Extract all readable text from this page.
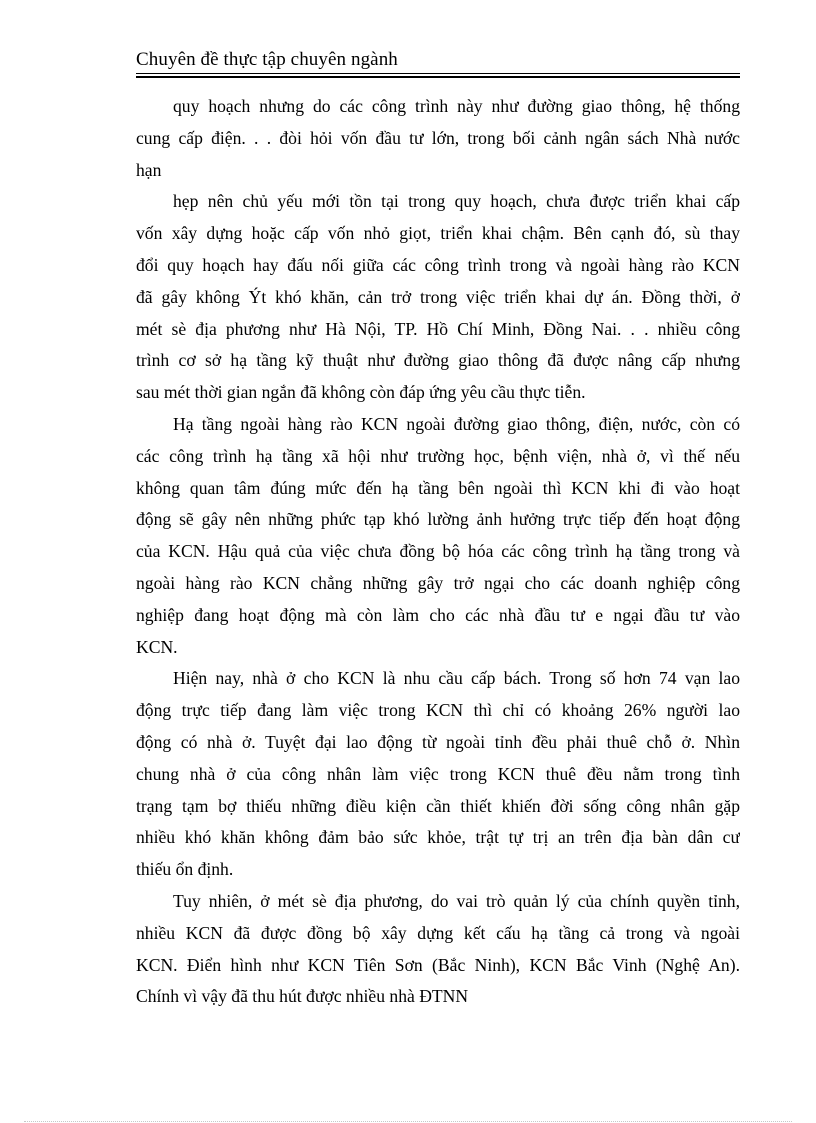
Chuyên đề thực tập chuyên ngành
quy hoạch nhưng do các công trình này như đường giao thông, hệ thống
cung cấp điện. . . đòi hỏi vốn đầu tư lớn, trong bối cảnh ngân sách Nhà nước
hạn
hẹp nên chủ yếu mới tồn tại trong quy hoạch, chưa được triển khai cấp
vốn xây dựng hoặc cấp vốn nhỏ giọt, triển khai chậm. Bên cạnh đó, sù thay
đổi quy hoạch hay đấu nối giữa các công trình trong và ngoài hàng rào KCN
đã gây không Ýt khó khăn, cản trở trong việc triển khai dự án. Đồng thời, ở
mét sè địa phương như Hà Nội, TP. Hồ Chí Minh, Đồng Nai. . . nhiều công
trình cơ sở hạ tầng kỹ thuật như đường giao thông đã được nâng cấp nhưng
sau mét thời gian ngắn đã không còn đáp ứng yêu cầu thực tiễn.
Hạ tầng ngoài hàng rào KCN ngoài đường giao thông, điện, nước, còn có
các công trình hạ tầng xã hội như trường học, bệnh viện, nhà ở, vì thế nếu
không quan tâm đúng mức đến hạ tầng bên ngoài thì KCN khi đi vào hoạt
động sẽ gây nên những phức tạp khó lường ảnh hưởng trực tiếp đến hoạt động
của KCN. Hậu quả của việc chưa đồng bộ hóa các công trình hạ tầng trong và
ngoài hàng rào KCN chẳng những gây trở ngại cho các doanh nghiệp công
nghiệp đang hoạt động mà còn làm cho các nhà đầu tư e ngại đầu tư vào
KCN.
Hiện nay, nhà ở cho KCN là nhu cầu cấp bách. Trong số hơn 74 vạn lao
động trực tiếp đang làm việc trong KCN thì chỉ có khoảng 26% người lao
động có nhà ở. Tuyệt đại lao động từ ngoài tỉnh đều phải thuê chỗ ở. Nhìn
chung nhà ở của công nhân làm việc trong KCN thuê đều nằm trong tình
trạng tạm bợ thiếu những điều kiện cần thiết khiến đời sống công nhân gặp
nhiều khó khăn không đảm bảo sức khỏe, trật tự trị an trên địa bàn dân cư
thiếu ổn định.
Tuy nhiên, ở mét sè địa phương, do vai trò quản lý của chính quyền tỉnh,
nhiều KCN đã được đồng bộ xây dựng kết cấu hạ tầng cả trong và ngoài
KCN. Điển hình như KCN Tiên Sơn (Bắc Ninh), KCN Bắc Vinh (Nghệ An).
Chính vì vậy đã thu hút được nhiều nhà ĐTNN
